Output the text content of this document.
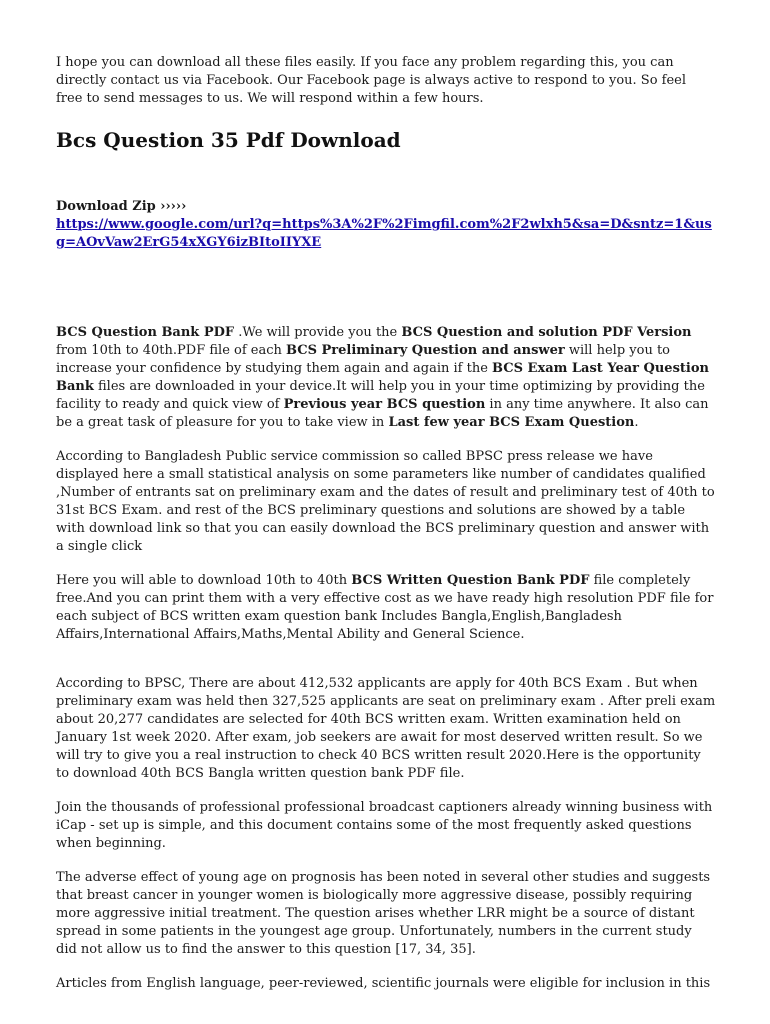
I hope you can download all these files easily. If you face any problem regarding this, you can directly contact us via Facebook. Our Facebook page is always active to respond to you. So feel free to send messages to us. We will respond within a few hours.

Bcs Question 35 Pdf Download

Download Zip ›››››

https://www.google.com/url?q=https%3A%2F%2Fimgfil.com%2F2wlxh5&sa=D&sntz=1&usg=AOvVaw2ErG54xXGY6izBItoIIYXE

BCS Question Bank PDF .We will provide you the BCS Question and solution PDF Version from 10th to 40th.PDF file of each BCS Preliminary Question and answer will help you to increase your confidence by studying them again and again if the BCS Exam Last Year Question Bank files are downloaded in your device.It will help you in your time optimizing by providing the facility to ready and quick view of Previous year BCS question in any time anywhere. It also can be a great task of pleasure for you to take view in Last few year BCS Exam Question.

According to Bangladesh Public service commission so called BPSC press release we have displayed here a small statistical analysis on some parameters like number of candidates qualified ,Number of entrants sat on preliminary exam and the dates of result and preliminary test of 40th to 31st BCS Exam. and rest of the BCS preliminary questions and solutions are showed by a table with download link so that you can easily download the BCS preliminary question and answer with a single click

Here you will able to download 10th to 40th BCS Written Question Bank PDF file completely free.And you can print them with a very effective cost as we have ready high resolution PDF file for each subject of BCS written exam question bank Includes Bangla,English,Bangladesh Affairs,International Affairs,Maths,Mental Ability and General Science.

According to BPSC, There are about 412,532 applicants are apply for 40th BCS Exam . But when preliminary exam was held then 327,525 applicants are seat on preliminary exam . After preli exam about 20,277 candidates are selected for 40th BCS written exam. Written examination held on January 1st week 2020. After exam, job seekers are await for most deserved written result. So we will try to give you a real instruction to check 40 BCS written result 2020.Here is the opportunity to download 40th BCS Bangla written question bank PDF file.

Join the thousands of professional professional broadcast captioners already winning business with iCap - set up is simple, and this document contains some of the most frequently asked questions when beginning.

The adverse effect of young age on prognosis has been noted in several other studies and suggests that breast cancer in younger women is biologically more aggressive disease, possibly requiring more aggressive initial treatment. The question arises whether LRR might be a source of distant spread in some patients in the youngest age group. Unfortunately, numbers in the current study did not allow us to find the answer to this question [17, 34, 35].

Articles from English language, peer-reviewed, scientific journals were eligible for inclusion in this
